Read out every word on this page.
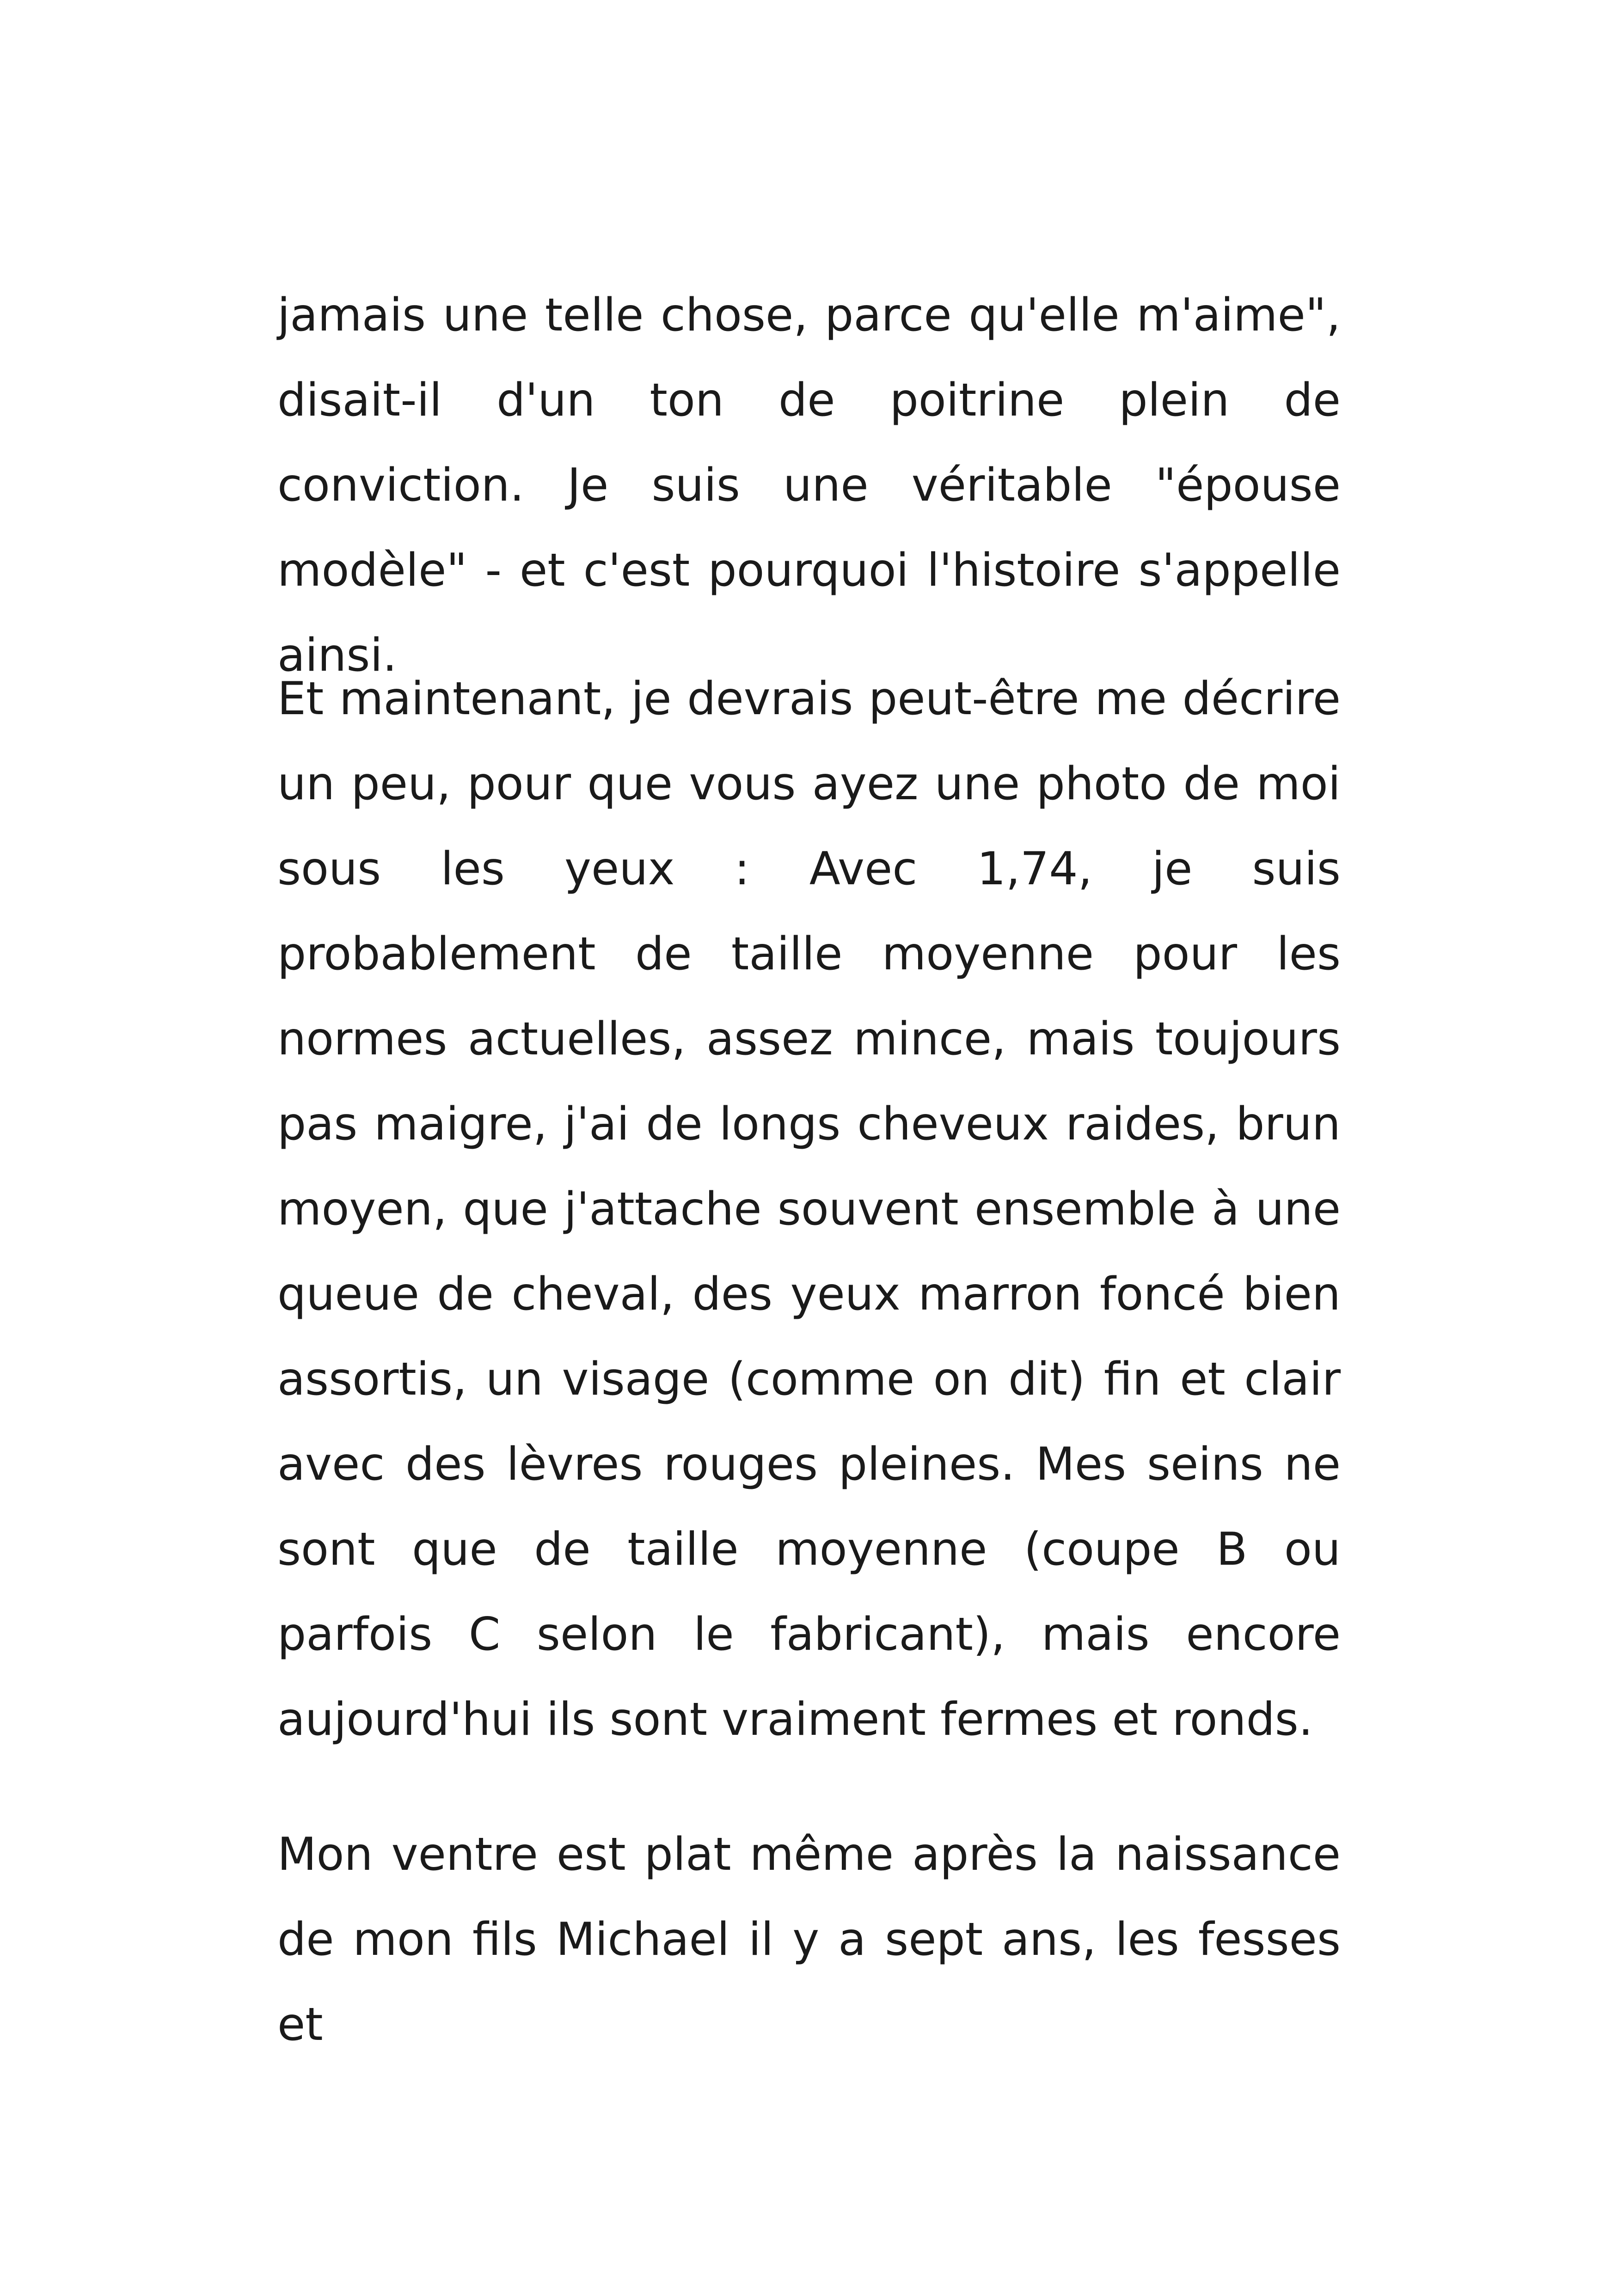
jamais une telle chose, parce qu'elle m'aime", disait-il d'un ton de poitrine plein de conviction. Je suis une véritable "épouse modèle" - et c'est pourquoi l'histoire s'appelle ainsi.
Et maintenant, je devrais peut-être me décrire un peu, pour que vous ayez une photo de moi sous les yeux : Avec 1,74, je suis probablement de taille moyenne pour les normes actuelles, assez mince, mais toujours pas maigre, j'ai de longs cheveux raides, brun moyen, que j'attache souvent ensemble à une queue de cheval, des yeux marron foncé bien assortis, un visage (comme on dit) fin et clair avec des lèvres rouges pleines. Mes seins ne sont que de taille moyenne (coupe B ou parfois C selon le fabricant), mais encore aujourd'hui ils sont vraiment fermes et ronds.
Mon ventre est plat même après la naissance de mon fils Michael il y a sept ans, les fesses et
